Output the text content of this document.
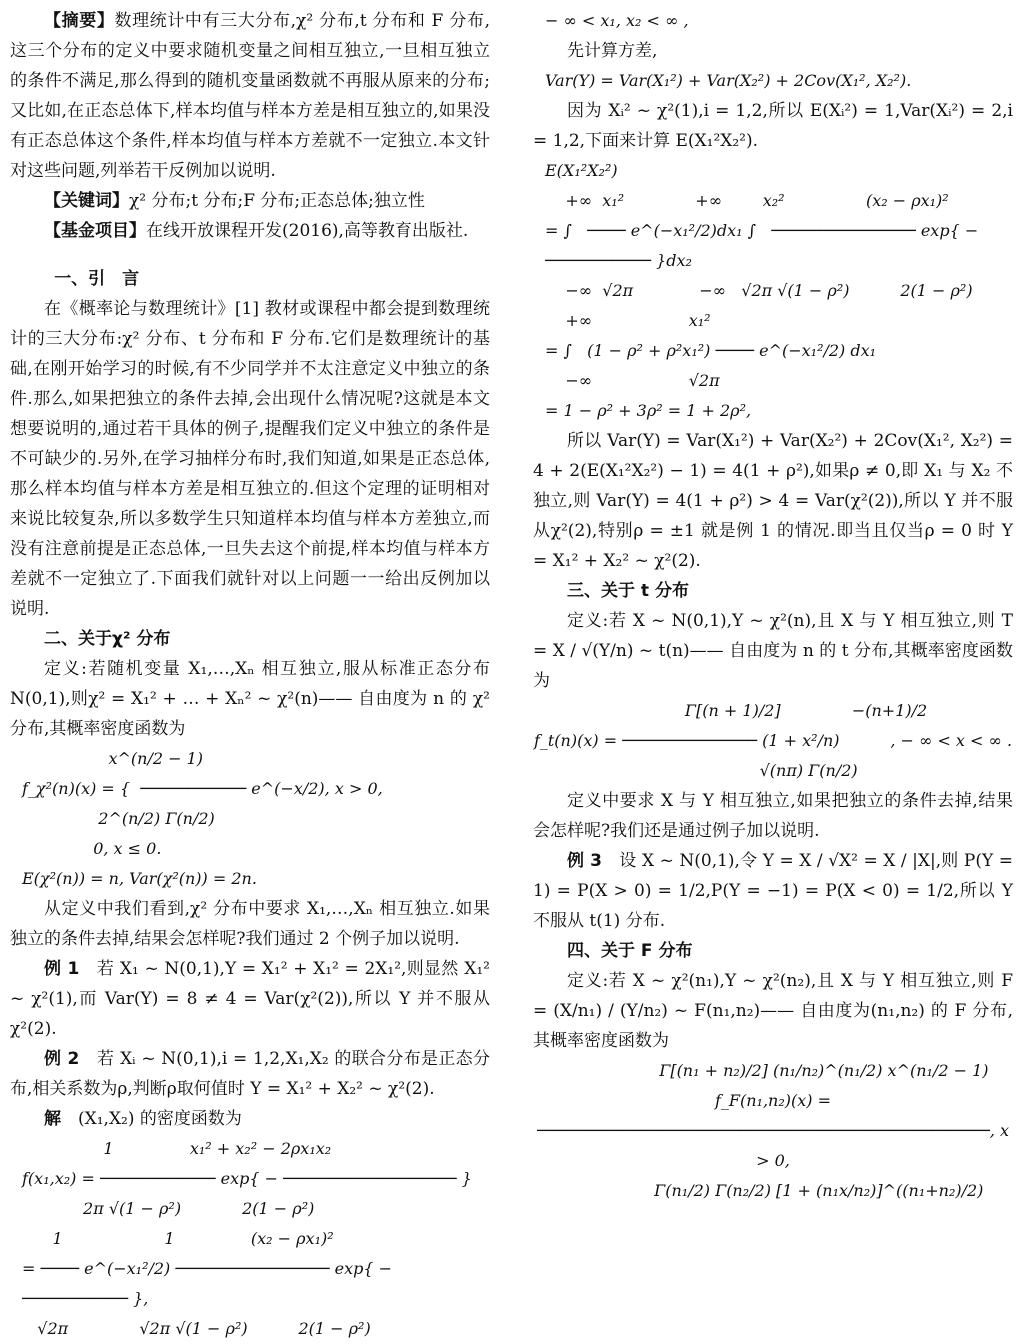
【摘要】数理统计中有三大分布,χ² 分布,t 分布和 F 分布,这三个分布的定义中要求随机变量之间相互独立,一旦相互独立的条件不满足,那么得到的随机变量函数就不再服从原来的分布;又比如,在正态总体下,样本均值与样本方差是相互独立的,如果没有正态总体这个条件,样本均值与样本方差就不一定独立.本文针对这些问题,列举若干反例加以说明.

【关键词】χ² 分布;t 分布;F 分布;正态总体;独立性

【基金项目】在线开放课程开发(2016),高等教育出版社.

一、引　言

在《概率论与数理统计》[1] 教材或课程中都会提到数理统计的三大分布:χ² 分布、t 分布和 F 分布.它们是数理统计的基础,在刚开始学习的时候,有不少同学并不太注意定义中独立的条件.那么,如果把独立的条件去掉,会出现什么情况呢?这就是本文想要说明的,通过若干具体的例子,提醒我们定义中独立的条件是不可缺少的.另外,在学习抽样分布时,我们知道,如果是正态总体,那么样本均值与样本方差是相互独立的.但这个定理的证明相对来说比较复杂,所以多数学生只知道样本均值与样本方差独立,而没有注意前提是正态总体,一旦失去这个前提,样本均值与样本方差就不一定独立了.下面我们就针对以上问题一一给出反例加以说明.

二、关于χ² 分布

定义:若随机变量 X₁,…,Xₙ 相互独立,服从标准正态分布 N(0,1),则χ² = X₁² + … + Xₙ² ~ χ²(n)—— 自由度为 n 的 χ² 分布,其概率密度函数为

x^(n/2 − 1)
f_χ²(n)(x) = {  ─────────── e^(−x/2), x > 0,
2^(n/2) Γ(n/2)
0, x ≤ 0.
E(χ²(n)) = n, Var(χ²(n)) = 2n.

从定义中我们看到,χ² 分布中要求 X₁,…,Xₙ 相互独立.如果独立的条件去掉,结果会怎样呢?我们通过 2 个例子加以说明.

例 1　若 X₁ ~ N(0,1),Y = X₁² + X₁² = 2X₁²,则显然 X₁² ~ χ²(1),而 Var(Y) = 8 ≠ 4 = Var(χ²(2)),所以 Y 并不服从χ²(2).

例 2　若 Xᵢ ~ N(0,1),i = 1,2,X₁,X₂ 的联合分布是正态分布,相关系数为ρ,判断ρ取何值时 Y = X₁² + X₂² ~ χ²(2).

解　(X₁,X₂) 的密度函数为

1               x₁² + x₂² − 2ρx₁x₂
f(x₁,x₂) = ──────────── exp{ − ────────────────── }
2π √(1 − ρ²)            2(1 − ρ²)
1                    1               (x₂ − ρx₁)²
= ──── e^(−x₁²/2) ──────────────── exp{ − ─────────── },
√2π              √2π √(1 − ρ²)          2(1 − ρ²)
− ∞ < x₁, x₂ < ∞ ,

先计算方差,

Var(Y) = Var(X₁²) + Var(X₂²) + 2Cov(X₁², X₂²).

因为 Xᵢ² ~ χ²(1),i = 1,2,所以 E(Xᵢ²) = 1,Var(Xᵢ²) = 2,i = 1,2,下面来计算 E(X₁²X₂²).

E(X₁²X₂²)
+∞  x₁²              +∞        x₂²                (x₂ − ρx₁)²
= ∫   ──── e^(−x₁²/2)dx₁ ∫   ─────────────── exp{ − ─────────── }dx₂
−∞  √2π             −∞   √2π √(1 − ρ²)          2(1 − ρ²)
+∞                   x₁²
= ∫   (1 − ρ² + ρ²x₁²) ──── e^(−x₁²/2) dx₁
−∞                   √2π
= 1 − ρ² + 3ρ² = 1 + 2ρ²,

所以 Var(Y) = Var(X₁²) + Var(X₂²) + 2Cov(X₁², X₂²) = 4 + 2(E(X₁²X₂²) − 1) = 4(1 + ρ²),如果ρ ≠ 0,即 X₁ 与 X₂ 不独立,则 Var(Y) = 4(1 + ρ²) > 4 = Var(χ²(2)),所以 Y 并不服从χ²(2),特别ρ = ±1 就是例 1 的情况.即当且仅当ρ = 0 时 Y = X₁² + X₂² ~ χ²(2).

三、关于 t 分布

定义:若 X ~ N(0,1),Y ~ χ²(n),且 X 与 Y 相互独立,则 T = X / √(Y/n) ~ t(n)—— 自由度为 n 的 t 分布,其概率密度函数为

Γ[(n + 1)/2]              −(n+1)/2
f_t(n)(x) = ────────────── (1 + x²/n)          , − ∞ < x < ∞ .
√(nπ) Γ(n/2)

定义中要求 X 与 Y 相互独立,如果把独立的条件去掉,结果会怎样呢?我们还是通过例子加以说明.

例 3　设 X ~ N(0,1),令 Y = X / √X² = X / |X|,则 P(Y = 1) = P(X > 0) = 1/2,P(Y = −1) = P(X < 0) = 1/2,所以 Y 不服从 t(1) 分布.

四、关于 F 分布

定义:若 X ~ χ²(n₁),Y ~ χ²(n₂),且 X 与 Y 相互独立,则 F = (X/n₁) / (Y/n₂) ~ F(n₁,n₂)—— 自由度为(n₁,n₂) 的 F 分布,其概率密度函数为

Γ[(n₁ + n₂)/2] (n₁/n₂)^(n₁/2) x^(n₁/2 − 1)
f_F(n₁,n₂)(x) = ───────────────────────────────────────────────, x > 0,
Γ(n₁/2) Γ(n₂/2) [1 + (n₁x/n₂)]^((n₁+n₂)/2)
